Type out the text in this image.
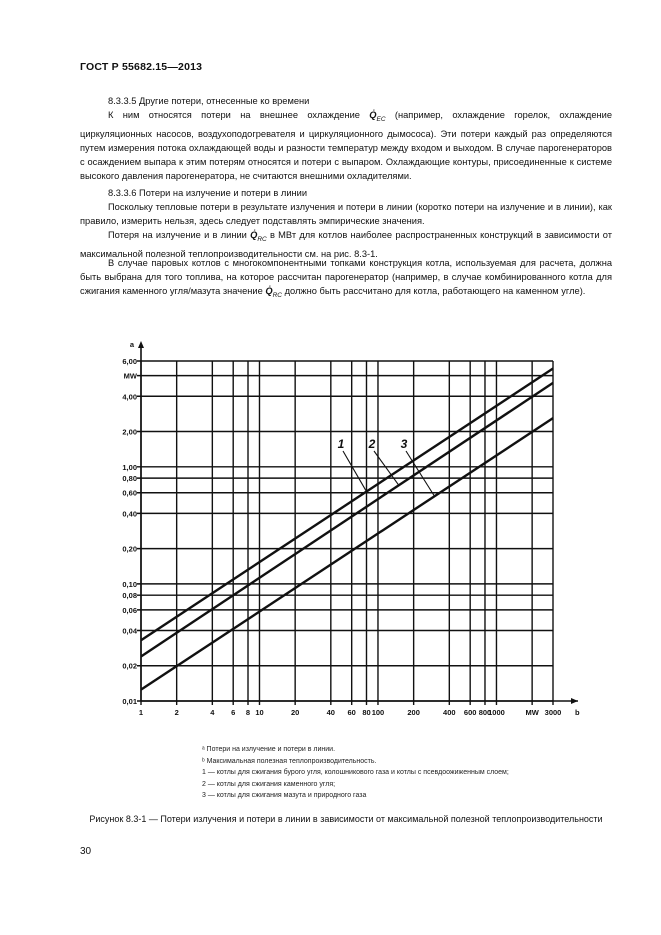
ГОСТ Р 55682.15—2013
8.3.3.5 Другие потери, отнесенные ко времени
К ним относятся потери на внешнее охлаждение $Q̇_{EC}$ (например, охлаждение горелок, охлаждение циркуляционных насосов, воздухоподогревателя и циркуляционного дымососа). Эти потери каждый раз определяются путем измерения потока охлаждающей воды и разности температур между входом и выходом. В случае парогенераторов с осаждением выпара к этим потерям относятся и потери с выпаром. Охлаждающие контуры, присоединенные к системе высокого давления парогенератора, не считаются внешними охладителями.
8.3.3.6 Потери на излучение и потери в линии
Поскольку тепловые потери в результате излучения и потери в линии (коротко потери на излучение и в линии), как правило, измерить нельзя, здесь следует подставлять эмпирические значения.
Потеря на излучение и в линии $Q̇_{RC}$ в МВт для котлов наиболее распространенных конструкций в зависимости от максимальной полезной теплопроизводительности см. на рис. 8.3-1.
В случае паровых котлов с многокомпонентными топками конструкция котла, используемая для расчета, должна быть выбрана для того топлива, на которое рассчитан парогенератор (например, в случае комбинированного котла для сжигания каменного угля/мазута значение $Q̇_{RC}$ должно быть рассчитано для котла, работающего на каменном угле).
1 2 3
1	2	4 6 8 10	20	40 60 80 100	200	400 600 800
1000	MW 3000
0,01
0,02
0,04
0,06
0,08
0,10
0,20
0,40
0,60
0,80
1,00
2,00
4,00
MW
6,00
b
a
ᵃ Потери на излучение и потери в линии.
ᵇ Максимальная полезная теплопроизводительность.
1 — котлы для сжигания бурого угля, колошникового газа и котлы с псевдоожиженным слоем;
2 — котлы для сжигания каменного угля;
3 — котлы для сжигания мазута и природного газа
Рисунок 8.3-1 — Потери излучения и потери в линии в зависимости от максимальной полезной теплопроизводительности
30
